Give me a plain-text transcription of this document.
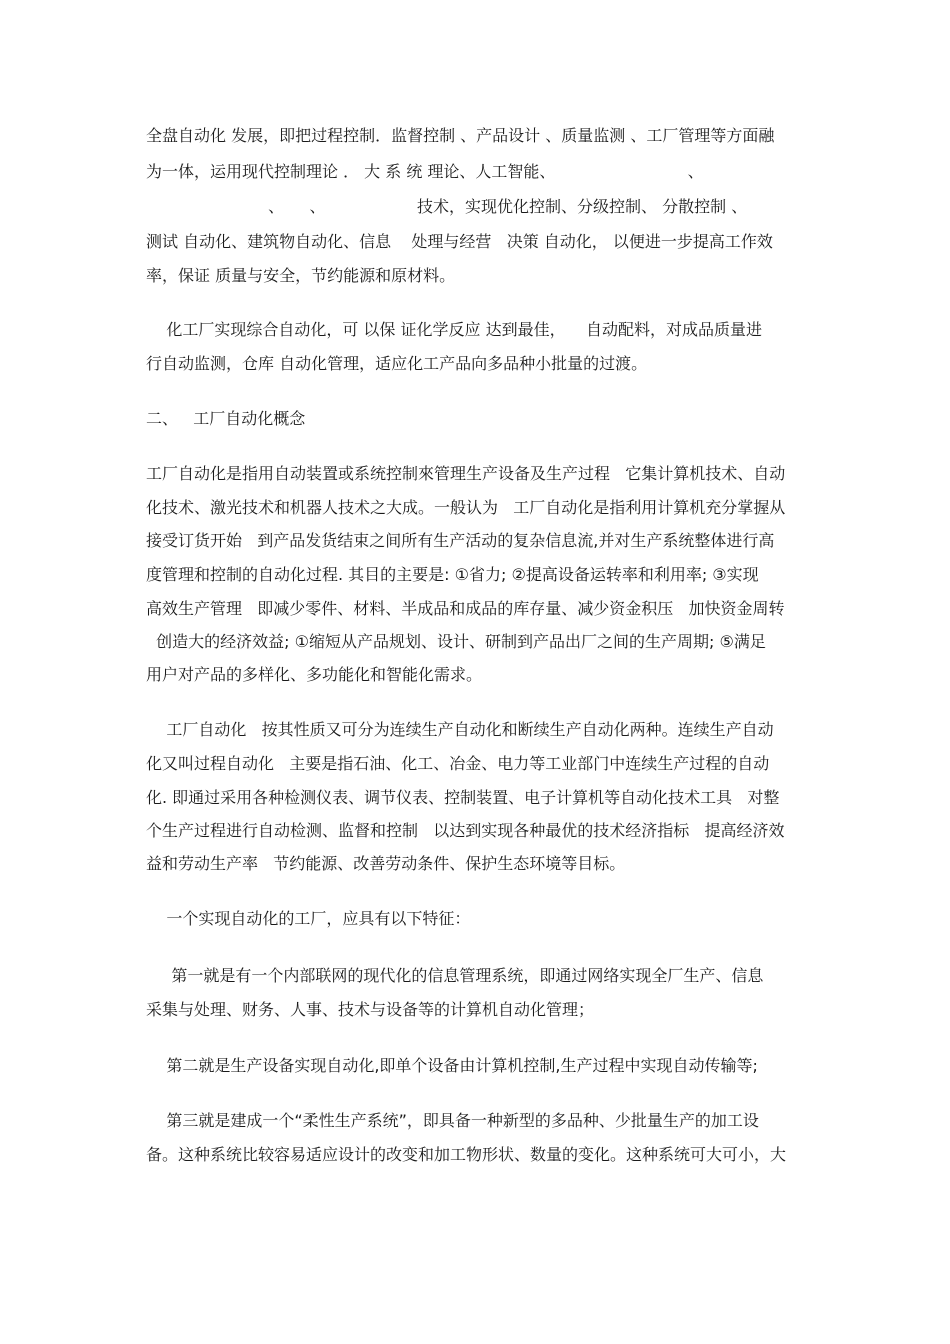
全盘自动化 发展，即把过程控制．监督控制 、产品设计 、质量监测 、工厂管理等方面融
为一体，运用现代控制理论 ． 大 系 统 理论、人工智能、                          、
、     、                  技术，实现优化控制、分级控制、 分散控制 、
测试 自动化、建筑物自动化、信息    处理与经营   决策 自动化， 以便进一步提高工作效
率，保证 质量与安全，节约能源和原材料。
化工厂实现综合自动化，可 以保 证化学反应 达到最佳，    自动配料，对成品质量进
行自动监测，仓库 自动化管理，适应化工产品向多品种小批量的过渡。
二、   工厂自动化概念
工厂自动化是指用自动装置或系统控制來管理生产设备及生产过程   它集计算机技术、自动
化技术、激光技术和机器人技术之大成。一般认为   工厂自动化是指利用计算机充分掌握从
接受订货开始   到产品发货结束之间所有生产活动的复杂信息流,并对生产系统整体进行高
度管理和控制的自动化过程. 其目的主要是: ①省力; ②提高设备运转率和利用率; ③实现
高效生产管理   即减少零件、材料、半成品和成品的库存量、减少资金积压   加快资金周转
创造大的经济效益; ①缩短从产品规划、设计、研制到产品出厂之间的生产周期; ⑤满足
用户对产品的多样化、多功能化和智能化需求。
工厂自动化   按其性质又可分为连续生产自动化和断续生产自动化两种。连续生产自动
化又叫过程自动化   主要是指石油、化工、冶金、电力等工业部门中连续生产过程的自动
化. 即通过采用各种检测仪表、调节仪表、控制装置、电子计算机等自动化技术工具   对整
个生产过程进行自动检测、监督和控制   以达到实现各种最优的技术经济指标   提高经济效
益和劳动生产率   节约能源、改善劳动条件、保护生态环境等目标。
一个实现自动化的工厂，应具有以下特征：
第一就是有一个内部联网的现代化的信息管理系统，即通过网络实现全厂生产、信息
采集与处理、财务、人事、技术与设备等的计算机自动化管理；
第二就是生产设备实现自动化,即单个设备由计算机控制,生产过程中实现自动传输等;
第三就是建成一个“柔性生产系统”，即具备一种新型的多品种、少批量生产的加工设
备。这种系统比较容易适应设计的改变和加工物形状、数量的变化。这种系统可大可小，大
